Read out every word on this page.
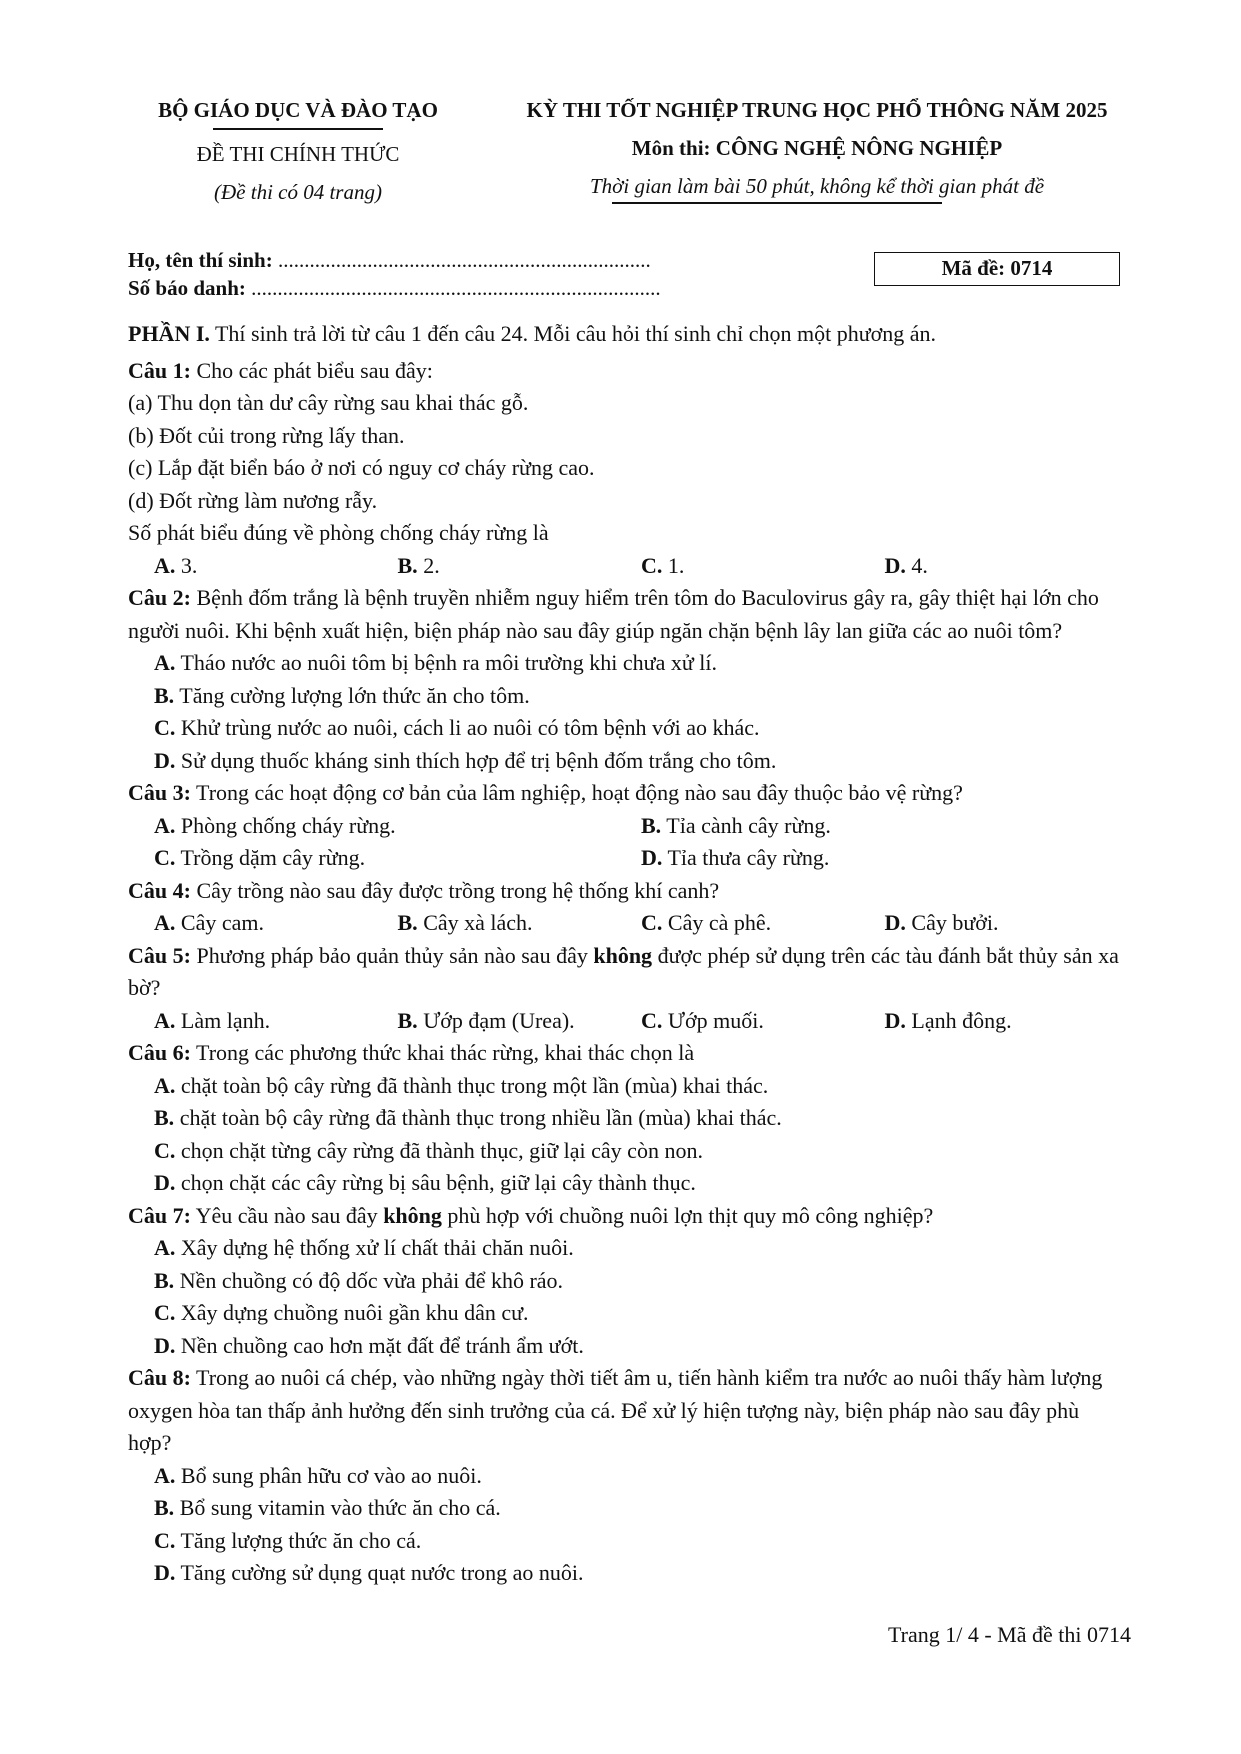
BỘ GIÁO DỤC VÀ ĐÀO TẠO
ĐỀ THI CHÍNH THỨC
(Đề thi có 04 trang)
KỲ THI TỐT NGHIỆP TRUNG HỌC PHỔ THÔNG NĂM 2025
Môn thi: CÔNG NGHỆ NÔNG NGHIỆP
Thời gian làm bài 50 phút, không kể thời gian phát đề
Họ, tên thí sinh: .......................................................................
Số báo danh: ..............................................................................
Mã đề: 0714
PHẦN I. Thí sinh trả lời từ câu 1 đến câu 24. Mỗi câu hỏi thí sinh chỉ chọn một phương án.
Câu 1: Cho các phát biểu sau đây:
(a) Thu dọn tàn dư cây rừng sau khai thác gỗ.
(b) Đốt củi trong rừng lấy than.
(c) Lắp đặt biển báo ở nơi có nguy cơ cháy rừng cao.
(d) Đốt rừng làm nương rẫy.
Số phát biểu đúng về phòng chống cháy rừng là
A. 3.	B. 2.	C. 1.	D. 4.

Câu 2: Bệnh đốm trắng là bệnh truyền nhiễm nguy hiểm trên tôm do Baculovirus gây ra, gây thiệt hại lớn cho người nuôi. Khi bệnh xuất hiện, biện pháp nào sau đây giúp ngăn chặn bệnh lây lan giữa các ao nuôi tôm?

A. Tháo nước ao nuôi tôm bị bệnh ra môi trường khi chưa xử lí.
B. Tăng cường lượng lớn thức ăn cho tôm.
C. Khử trùng nước ao nuôi, cách li ao nuôi có tôm bệnh với ao khác.
D. Sử dụng thuốc kháng sinh thích hợp để trị bệnh đốm trắng cho tôm.
Câu 3: Trong các hoạt động cơ bản của lâm nghiệp, hoạt động nào sau đây thuộc bảo vệ rừng?
A. Phòng chống cháy rừng.	B. Tỉa cành cây rừng.
C. Trồng dặm cây rừng.	D. Tỉa thưa cây rừng.
Câu 4: Cây trồng nào sau đây được trồng trong hệ thống khí canh?
A. Cây cam.	B. Cây xà lách.	C. Cây cà phê.	D. Cây bưởi.

Câu 5: Phương pháp bảo quản thủy sản nào sau đây không được phép sử dụng trên các tàu đánh bắt thủy sản xa bờ?

A. Làm lạnh.	B. Ướp đạm (Urea).	C. Ướp muối.	D. Lạnh đông.
Câu 6: Trong các phương thức khai thác rừng, khai thác chọn là
A. chặt toàn bộ cây rừng đã thành thục trong một lần (mùa) khai thác.
B. chặt toàn bộ cây rừng đã thành thục trong nhiều lần (mùa) khai thác.
C. chọn chặt từng cây rừng đã thành thục, giữ lại cây còn non.
D. chọn chặt các cây rừng bị sâu bệnh, giữ lại cây thành thục.
Câu 7: Yêu cầu nào sau đây không phù hợp với chuồng nuôi lợn thịt quy mô công nghiệp?
A. Xây dựng hệ thống xử lí chất thải chăn nuôi.
B. Nền chuồng có độ dốc vừa phải để khô ráo.
C. Xây dựng chuồng nuôi gần khu dân cư.
D. Nền chuồng cao hơn mặt đất để tránh ẩm ướt.

Câu 8: Trong ao nuôi cá chép, vào những ngày thời tiết âm u, tiến hành kiểm tra nước ao nuôi thấy hàm lượng oxygen hòa tan thấp ảnh hưởng đến sinh trưởng của cá. Để xử lý hiện tượng này, biện pháp nào sau đây phù hợp?

A. Bổ sung phân hữu cơ vào ao nuôi.
B. Bổ sung vitamin vào thức ăn cho cá.
C. Tăng lượng thức ăn cho cá.
D. Tăng cường sử dụng quạt nước trong ao nuôi.
Trang 1/ 4 - Mã đề thi 0714
